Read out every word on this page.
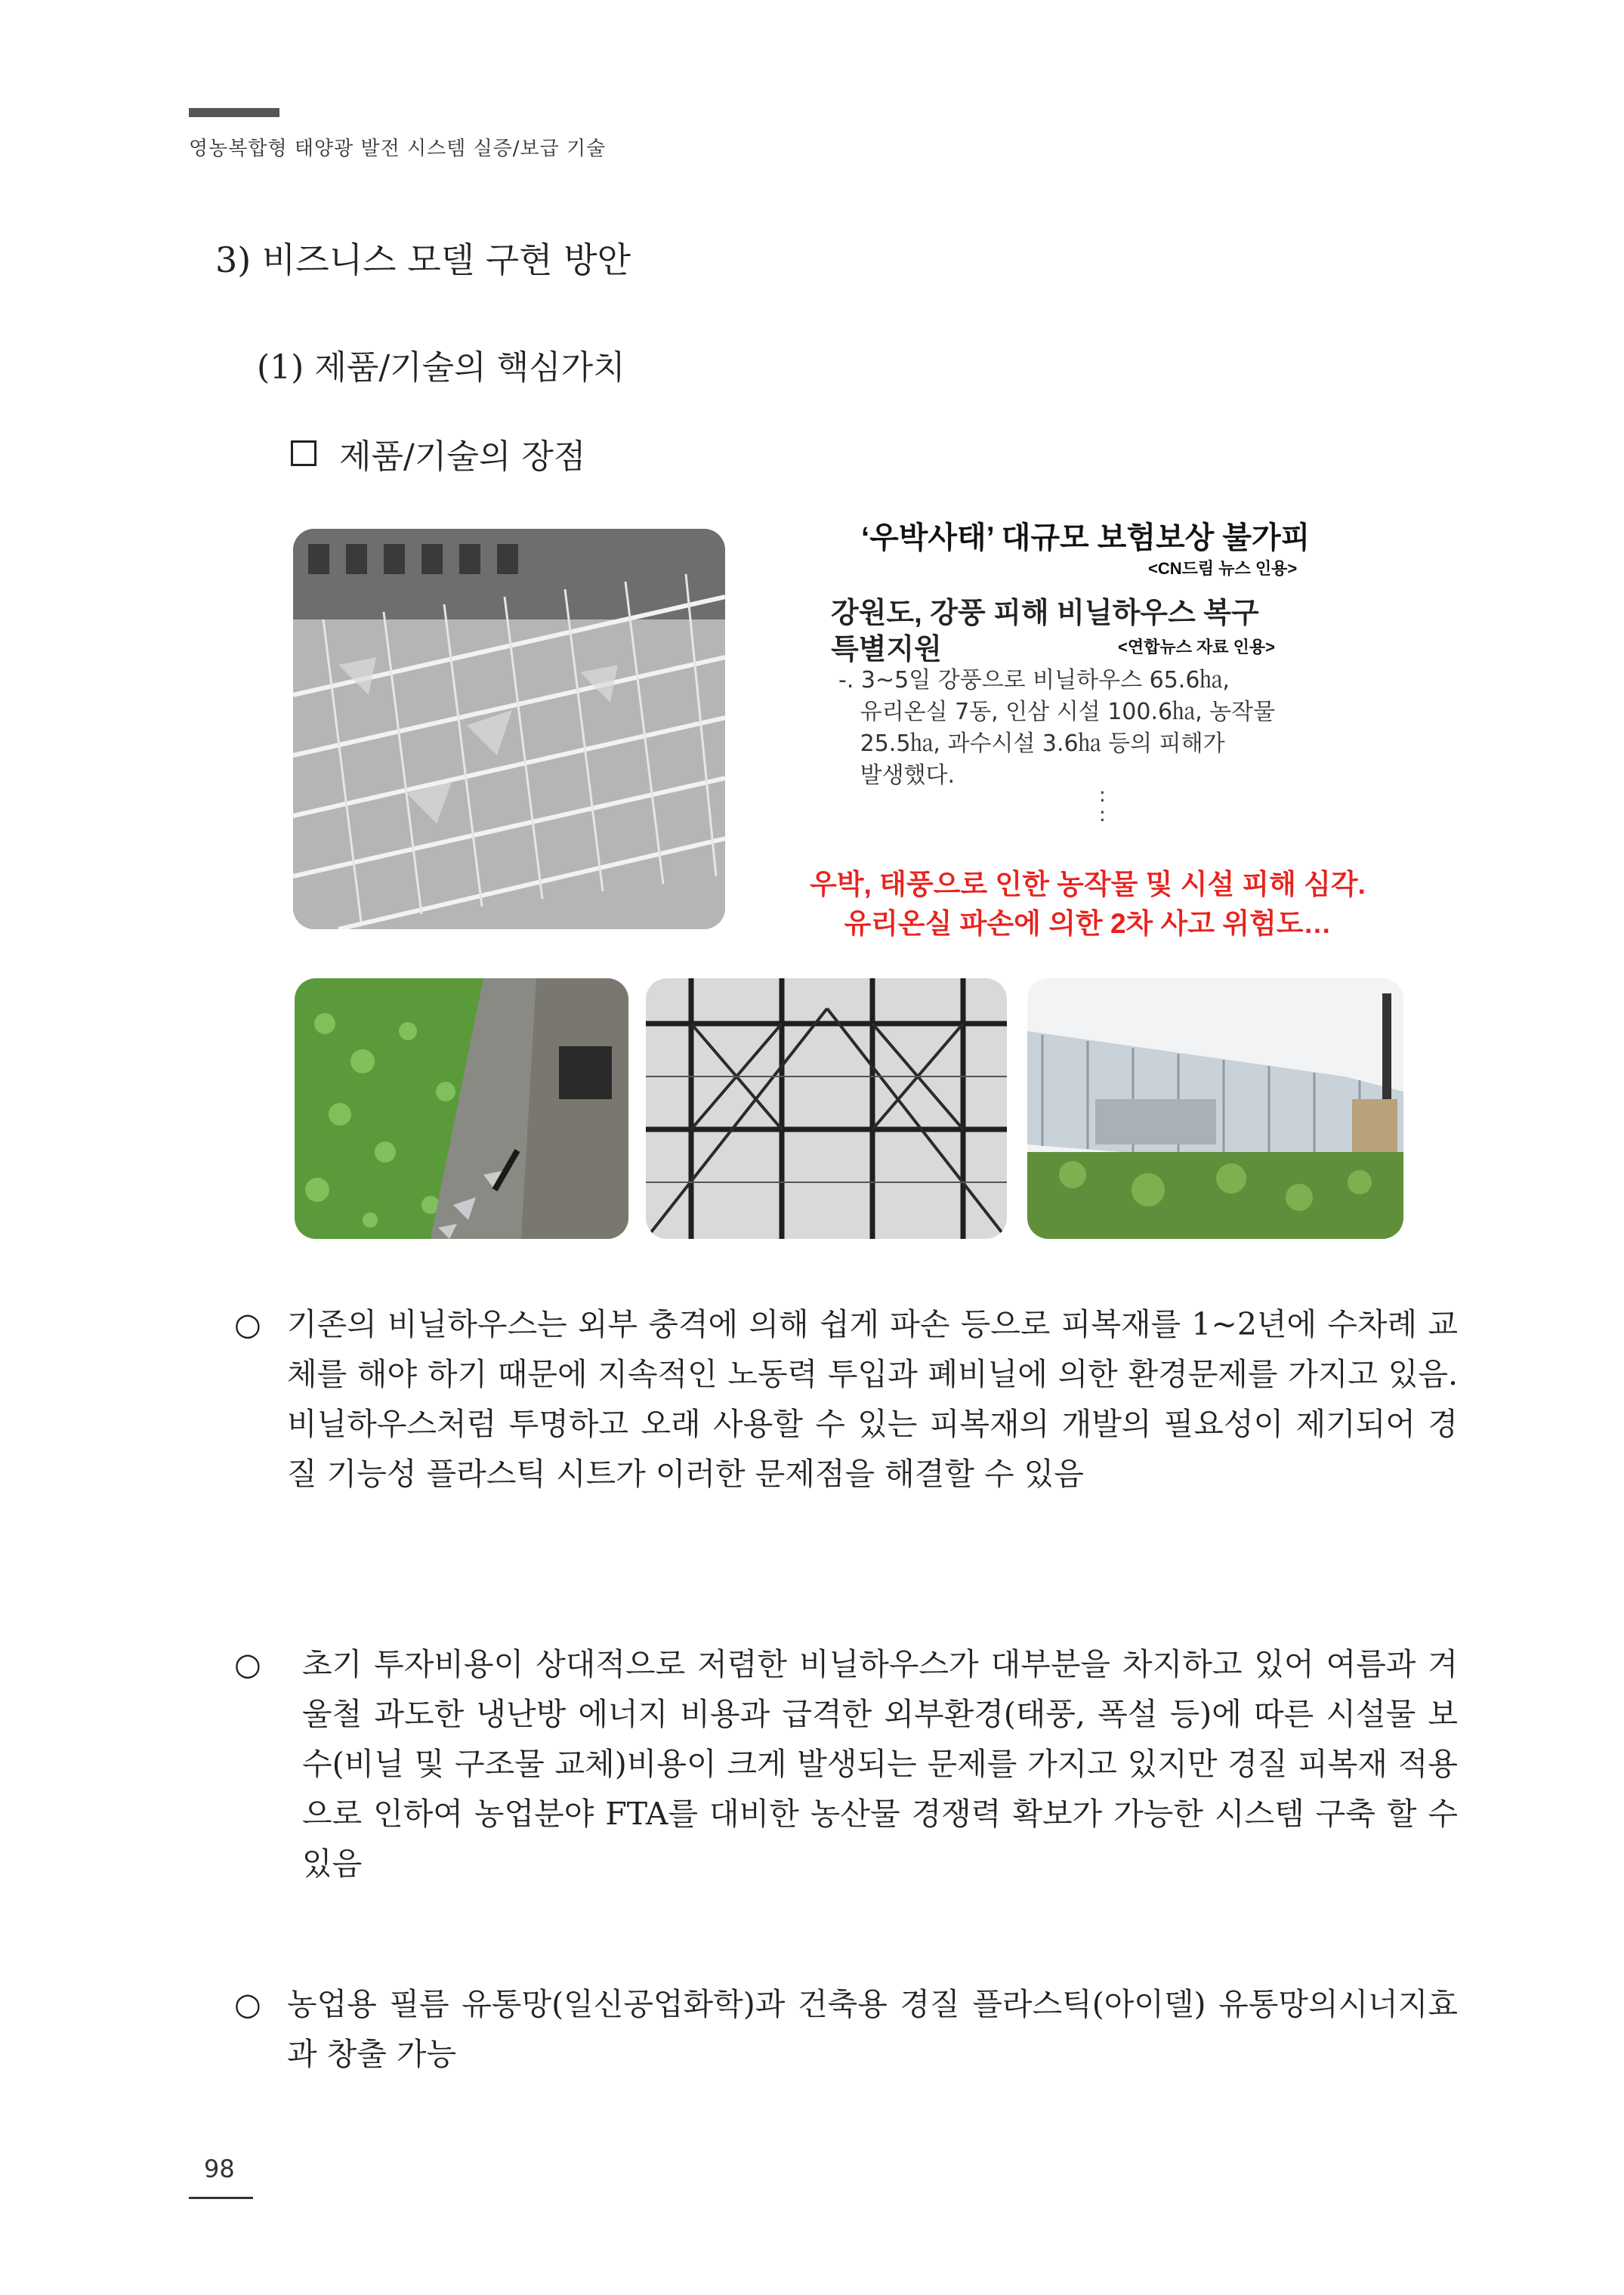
영농복합형 태양광 발전 시스템 실증/보급 기술
3) 비즈니스 모델 구현 방안
(1) 제품/기술의 핵심가치
제품/기술의 장점
‘우박사태’ 대규모 보험보상 불가피
<CN드림 뉴스 인용>
강원도, 강풍 피해 비닐하우스 복구
특별지원	<연합뉴스 자료 인용>
-. 3~5일 강풍으로 비닐하우스 65.6㏊,
유리온실 7동, 인삼 시설 100.6㏊, 농작물
25.5㏊, 과수시설 3.6㏊ 등의 피해가
발생했다.
:
:
우박, 태풍으로 인한 농작물 및 시설 피해 심각.
유리온실 파손에 의한 2차 사고 위험도…
○ 기존의 비닐하우스는 외부 충격에 의해 쉽게 파손 등으로 피복재를 1~2년에 수차례 교체를 해야 하기 때문에 지속적인 노동력 투입과 폐비닐에 의한 환경문제를 가지고 있음. 비닐하우스처럼 투명하고 오래 사용할 수 있는 피복재의 개발의 필요성이 제기되어 경질 기능성 플라스틱 시트가 이러한 문제점을 해결할 수 있음
○ 초기 투자비용이 상대적으로 저렴한 비닐하우스가 대부분을 차지하고 있어 여름과 겨울철 과도한 냉난방 에너지 비용과 급격한 외부환경(태풍, 폭설 등)에 따른 시설물 보수(비닐 및 구조물 교체)비용이 크게 발생되는 문제를 가지고 있지만 경질 피복재 적용으로 인하여 농업분야 FTA를 대비한 농산물 경쟁력 확보가 가능한 시스템 구축 할 수 있음
○ 농업용 필름 유통망(일신공업화학)과 건축용 경질 플라스틱(아이델) 유통망의시너지효과 창출 가능
98
